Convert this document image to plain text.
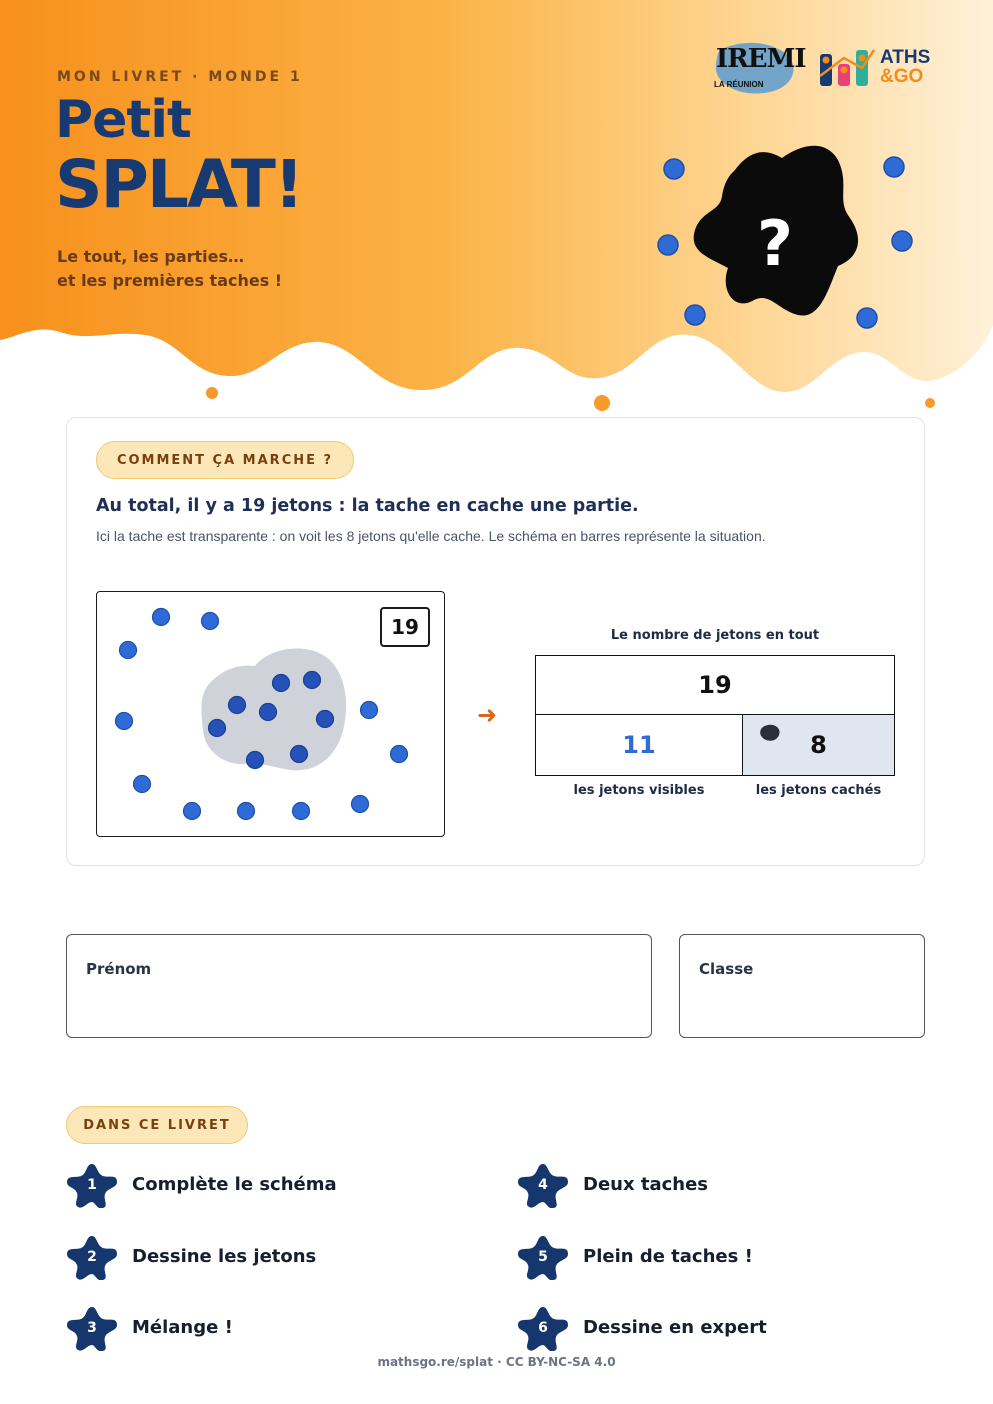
MON LIVRET · MONDE 1
Petit
SPLAT!
Le tout, les parties…
et les premières taches !
IREMI
LA RÉUNION
ATHS
&GO
?
COMMENT ÇA MARCHE ?
Au total, il y a 19 jetons : la tache en cache une partie.
Ici la tache est transparente : on voit les 8 jetons qu'elle cache. Le schéma en barres représente la situation.
19
➜
Le nombre de jetons en tout
19
11	8
les jetons visibles	les jetons cachés
Prénom	Classe
DANS CE LIVRET
1	Complète le schéma
2	Dessine les jetons
3	Mélange !
4	Deux taches
5	Plein de taches !
6	Dessine en expert
mathsgo.re/splat · CC BY-NC-SA 4.0
